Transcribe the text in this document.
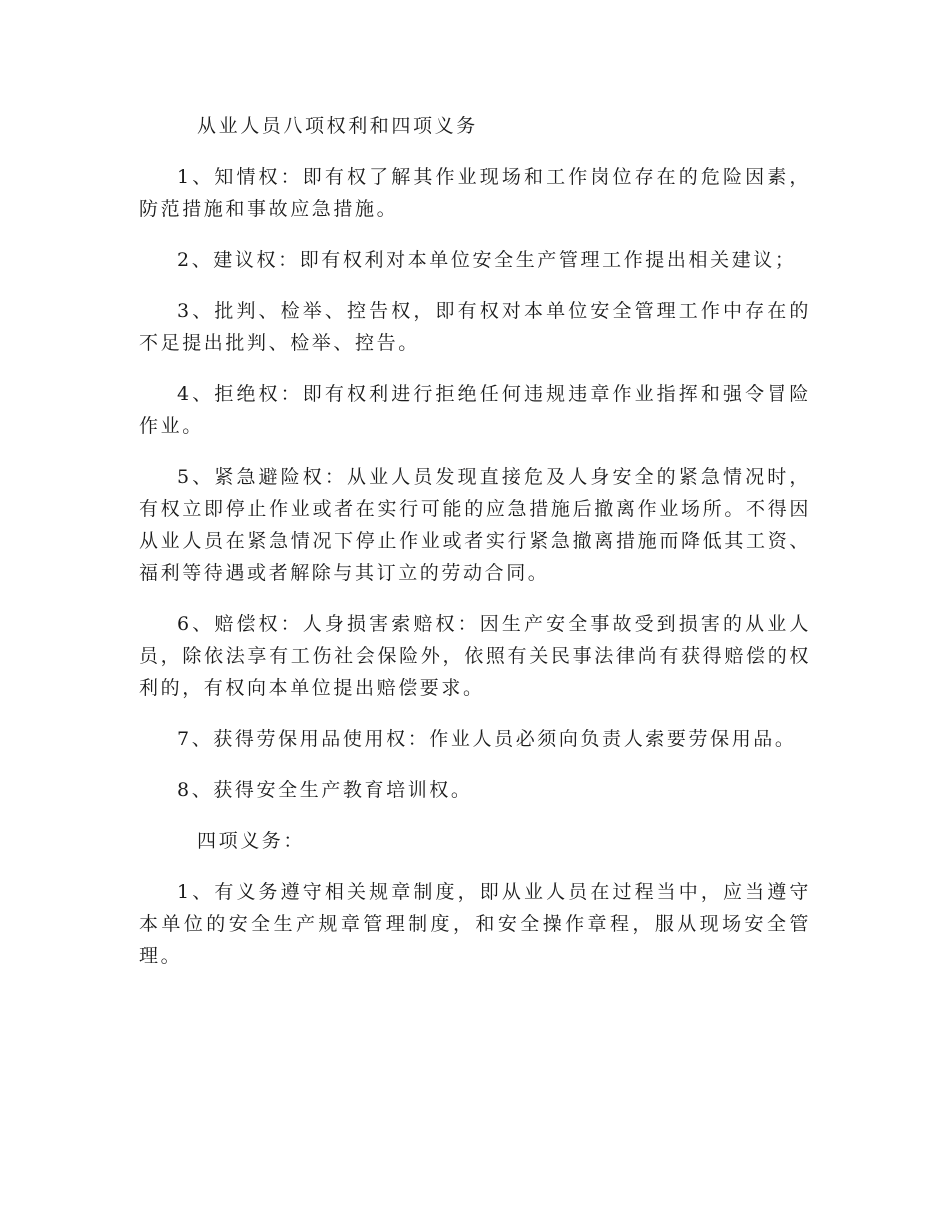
从业人员八项权利和四项义务

1、知情权：即有权了解其作业现场和工作岗位存在的危险因素，防范措施和事故应急措施。

2、建议权：即有权利对本单位安全生产管理工作提出相关建议；

3、批判、检举、控告权，即有权对本单位安全管理工作中存在的不足提出批判、检举、控告。

4、拒绝权：即有权利进行拒绝任何违规违章作业指挥和强令冒险作业。

5、紧急避险权：从业人员发现直接危及人身安全的紧急情况时，有权立即停止作业或者在实行可能的应急措施后撤离作业场所。不得因从业人员在紧急情况下停止作业或者实行紧急撤离措施而降低其工资、福利等待遇或者解除与其订立的劳动合同。

6、赔偿权：人身损害索赔权：因生产安全事故受到损害的从业人员，除依法享有工伤社会保险外，依照有关民事法律尚有获得赔偿的权利的，有权向本单位提出赔偿要求。

7、获得劳保用品使用权：作业人员必须向负责人索要劳保用品。

8、获得安全生产教育培训权。

四项义务：

1、有义务遵守相关规章制度，即从业人员在过程当中，应当遵守本单位的安全生产规章管理制度，和安全操作章程，服从现场安全管理。
